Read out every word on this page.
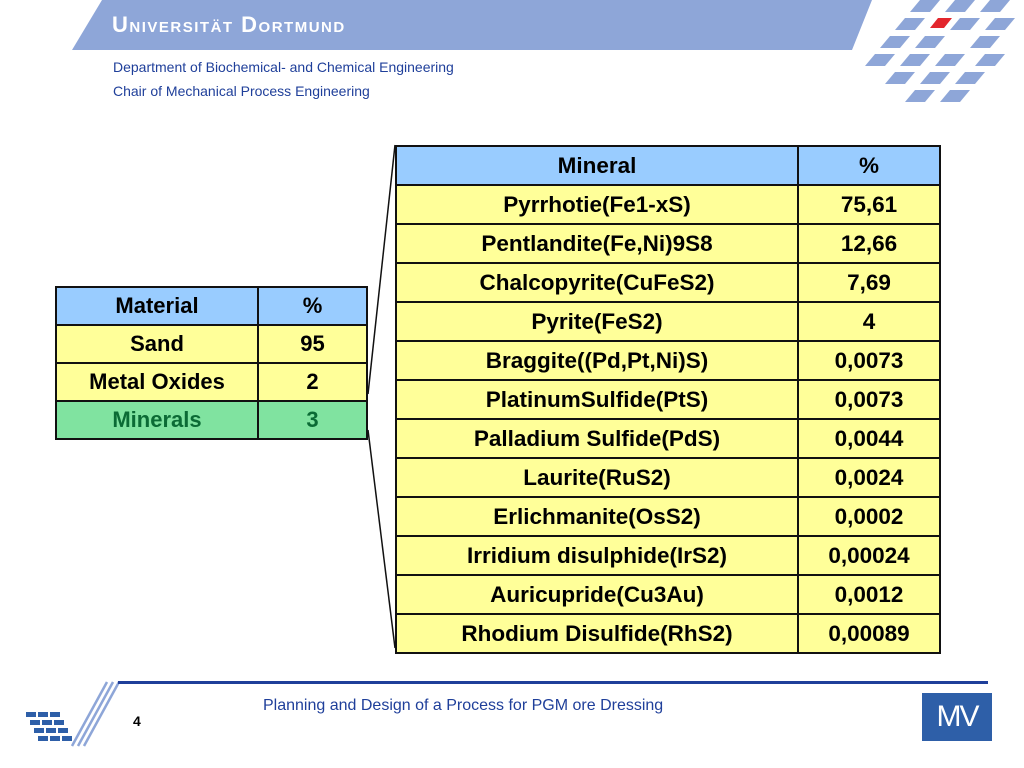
Universität Dortmund
Department of Biochemical- and Chemical Engineering
Chair of Mechanical Process Engineering
Material	%
Sand	95
Metal Oxides	2
Minerals	3
Mineral	%
Pyrrhotie(Fe1-xS)	75,61
Pentlandite(Fe,Ni)9S8	12,66
Chalcopyrite(CuFeS2)	7,69
Pyrite(FeS2)	4
Braggite((Pd,Pt,Ni)S)	0,0073
PlatinumSulfide(PtS)	0,0073
Palladium Sulfide(PdS)	0,0044
Laurite(RuS2)	0,0024
Erlichmanite(OsS2)	0,0002
Irridium disulphide(IrS2)	0,00024
Auricupride(Cu3Au)	0,0012
Rhodium Disulfide(RhS2)	0,00089
4
Planning and Design of a Process for PGM ore Dressing	MV
